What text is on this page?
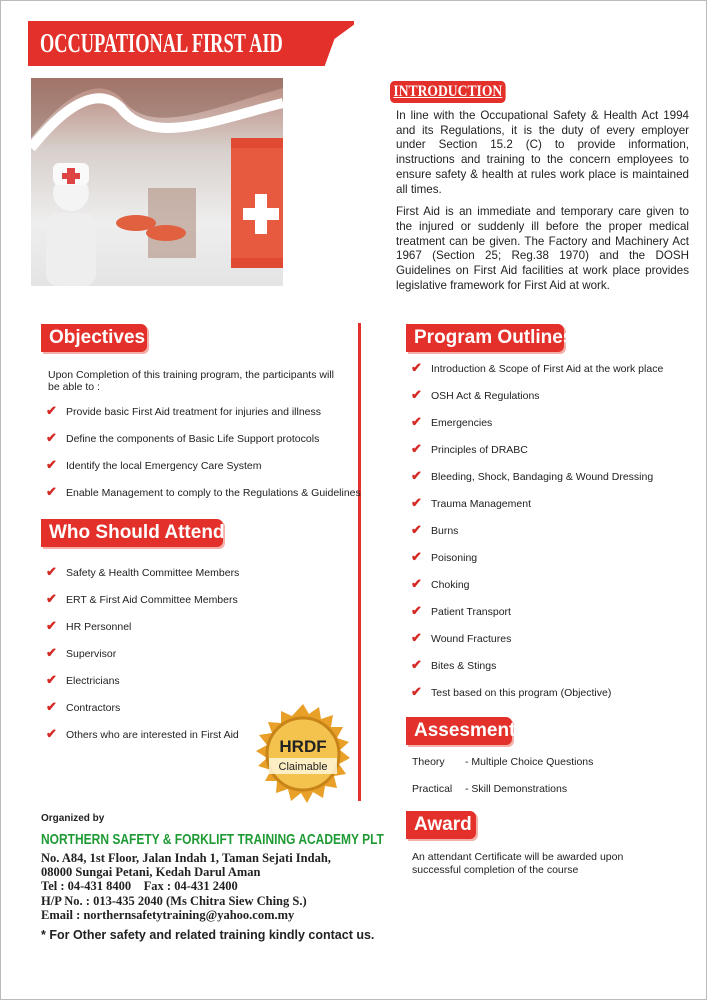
OCCUPATIONAL FIRST AID
INTRODUCTION

In line with the Occupational Safety & Health Act 1994 and its Regulations, it is the duty of every employer under Section 15.2 (C) to provide information, instructions and training to the concern employees to ensure safety & health at rules work place is maintained all times.

First Aid is an immediate and temporary care given to the injured or suddenly ill before the proper medical treatment can be given. The Factory and Machinery Act 1967 (Section 25; Reg.38 1970) and the DOSH Guidelines on First Aid facilities at work place provides legislative framework for First Aid at work.

Objectives
Upon Completion of this training program, the participants will be able to :
✔ Provide basic First Aid treatment for injuries and illness
✔ Define the components of Basic Life Support protocols
✔ Identify the local Emergency Care System
✔ Enable Management to comply to the Regulations & Guidelines
Who Should Attend
✔ Safety & Health Committee Members
✔ ERT & First Aid Committee Members
✔ HR Personnel
✔ Supervisor
✔ Electricians
✔ Contractors
✔ Others who are interested in First Aid
HRDF
Claimable
Program Outlines
✔ Introduction & Scope of First Aid at the work place
✔ OSH Act & Regulations
✔ Emergencies
✔ Principles of DRABC
✔ Bleeding, Shock, Bandaging & Wound Dressing
✔ Trauma Management
✔ Burns
✔ Poisoning
✔ Choking
✔ Patient Transport
✔ Wound Fractures
✔ Bites & Stings
✔ Test based on this program (Objective)
Assesment
Theory - Multiple Choice Questions
Practical - Skill Demonstrations
Award
An attendant Certificate will be awarded upon successful completion of the course
Organized by
NORTHERN SAFETY & FORKLIFT TRAINING ACADEMY PLT
No. A84, 1st Floor, Jalan Indah 1, Taman Sejati Indah,
08000 Sungai Petani, Kedah Darul Aman
Tel : 04-431 8400    Fax : 04-431 2400
H/P No. : 013-435 2040 (Ms Chitra Siew Ching S.)
Email : northernsafetytraining@yahoo.com.my
* For Other safety and related training kindly contact us.
